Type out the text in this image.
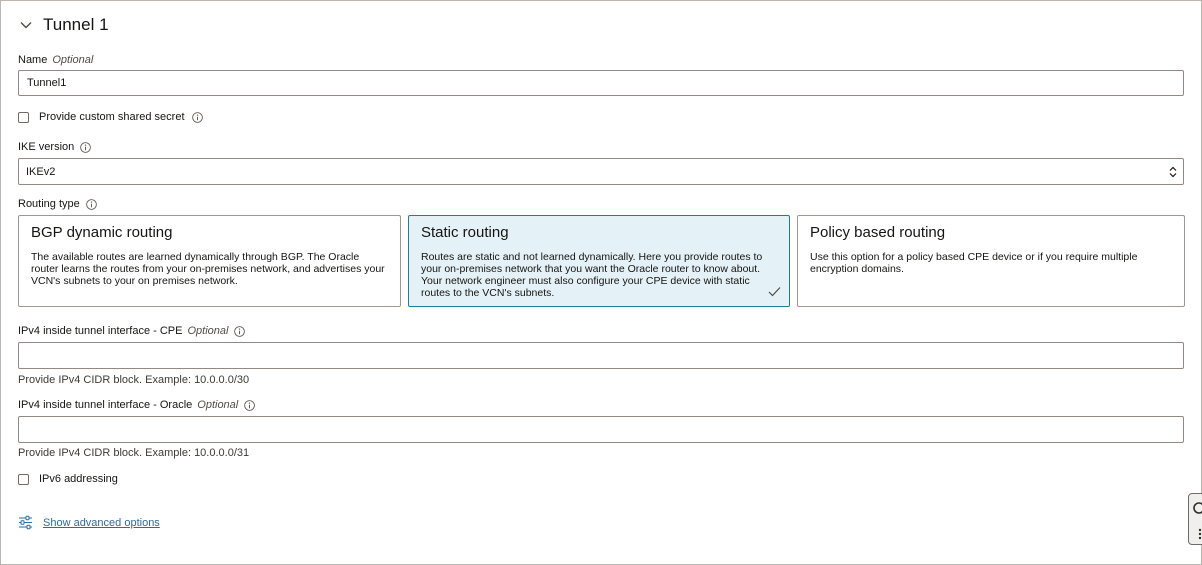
Tunnel 1
Name Optional
Tunnel1
Provide custom shared secret
IKE version
IKEv2
Routing type
BGP dynamic routing
The available routes are learned dynamically through BGP. The Oracle router learns the routes from your on-premises network, and advertises your VCN's subnets to your on premises network.
Static routing
Routes are static and not learned dynamically. Here you provide routes to your on-premises network that you want the Oracle router to know about. Your network engineer must also configure your CPE device with static routes to the VCN's subnets.
Policy based routing
Use this option for a policy based CPE device or if you require multiple encryption domains.
IPv4 inside tunnel interface - CPE Optional
Provide IPv4 CIDR block. Example: 10.0.0.0/30
IPv4 inside tunnel interface - Oracle Optional
Provide IPv4 CIDR block. Example: 10.0.0.0/31
IPv6 addressing
Show advanced options
